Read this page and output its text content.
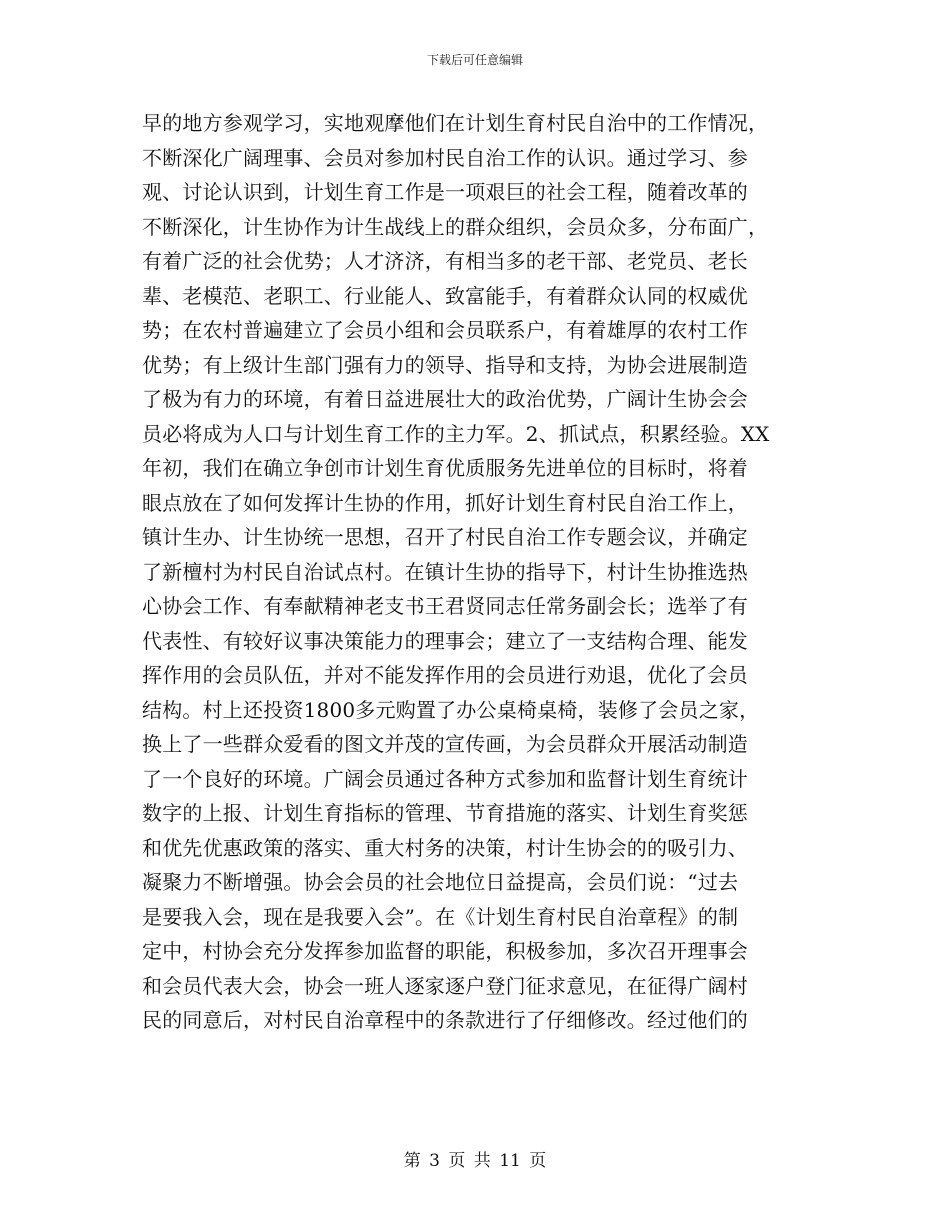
下载后可任意编辑
早的地方参观学习，实地观摩他们在计划生育村民自治中的工作情况，
不断深化广阔理事、会员对参加村民自治工作的认识。通过学习、参
观、讨论认识到，计划生育工作是一项艰巨的社会工程，随着改革的
不断深化，计生协作为计生战线上的群众组织，会员众多，分布面广，
有着广泛的社会优势；人才济济，有相当多的老干部、老党员、老长
辈、老模范、老职工、行业能人、致富能手，有着群众认同的权威优
势；在农村普遍建立了会员小组和会员联系户，有着雄厚的农村工作
优势；有上级计生部门强有力的领导、指导和支持，为协会进展制造
了极为有力的环境，有着日益进展壮大的政治优势，广阔计生协会会
员必将成为人口与计划生育工作的主力军。2、抓试点，积累经验。XX
年初，我们在确立争创市计划生育优质服务先进单位的目标时，将着
眼点放在了如何发挥计生协的作用，抓好计划生育村民自治工作上，
镇计生办、计生协统一思想，召开了村民自治工作专题会议，并确定
了新檀村为村民自治试点村。在镇计生协的指导下，村计生协推选热
心协会工作、有奉献精神老支书王君贤同志任常务副会长；选举了有
代表性、有较好议事决策能力的理事会；建立了一支结构合理、能发
挥作用的会员队伍，并对不能发挥作用的会员进行劝退，优化了会员
结构。村上还投资1800多元购置了办公桌椅桌椅，装修了会员之家，
换上了一些群众爱看的图文并茂的宣传画，为会员群众开展活动制造
了一个良好的环境。广阔会员通过各种方式参加和监督计划生育统计
数字的上报、计划生育指标的管理、节育措施的落实、计划生育奖惩
和优先优惠政策的落实、重大村务的决策，村计生协会的的吸引力、
凝聚力不断增强。协会会员的社会地位日益提高，会员们说：“过去
是要我入会，现在是我要入会”。在《计划生育村民自治章程》的制
定中，村协会充分发挥参加监督的职能，积极参加，多次召开理事会
和会员代表大会，协会一班人逐家逐户登门征求意见，在征得广阔村
民的同意后，对村民自治章程中的条款进行了仔细修改。经过他们的
第 3 页 共 11 页
